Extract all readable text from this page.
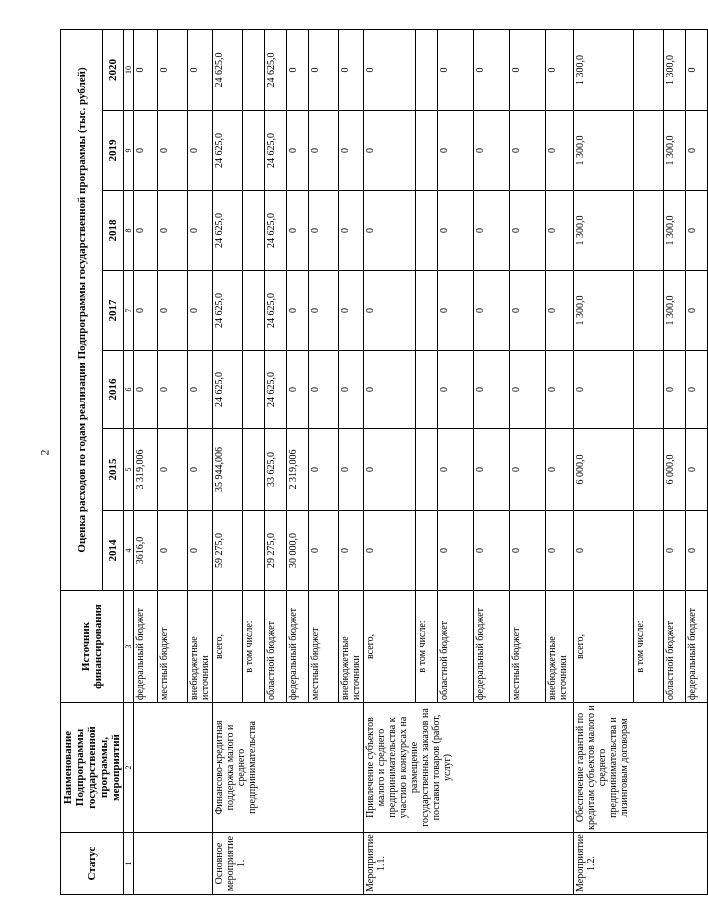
2
Статус	Наименование Подпрограммы государственной программы, мероприятий	Источник финансирования	Оценка расходов по годам реализации Подпрограммы государственной программы (тыс. рублей)						
			2014	2015	2016	2017	2018	2019	2020
1	2	3	4	5	6	7	8	9	10
		федеральный бюджет	3616,0	3 319,006	0	0	0	0	0
		местный бюджет	0	0	0	0	0	0	0
		внебюджетные источники	0	0	0	0	0	0	0
Основное мероприятие 1.	Финансово-кредитная поддержка малого и среднего предпринимательства	всего,	59 275,0	35 944,006	24 625,0	24 625,0	24 625,0	24 625,0	24 625,0
		в том числе:							
		областной бюджет	29 275,0	33 625,0	24 625,0	24 625,0	24 625,0	24 625,0	24 625,0
		федеральный бюджет	30 000,0	2 319,006	0	0	0	0	0
		местный бюджет	0	0	0	0	0	0	0
		внебюджетные источники	0	0	0	0	0	0	0
Мероприятие 1.1.	Привлечение субъектов малого и среднего предпринимательства к участию в конкурсах на размещение государственных заказов на поставки товаров (работ, услуг)	всего,	0	0	0	0	0	0	0
		в том числе:							
		областной бюджет	0	0	0	0	0	0	0
		федеральный бюджет	0	0	0	0	0	0	0
		местный бюджет	0	0	0	0	0	0	0
		внебюджетные источники	0	0	0	0	0	0	0
Мероприятие 1.2.	Обеспечение гарантий по кредитам субъектов малого и среднего предпринимательства и лизинговым договорам	всего,	0	6 000,0	0	1 300,0	1 300,0	1 300,0	1 300,0
		в том числе:							
		областной бюджет	0	6 000,0	0	1 300,0	1 300,0	1 300,0	1 300,0
		федеральный бюджет	0	0	0	0	0	0	0
